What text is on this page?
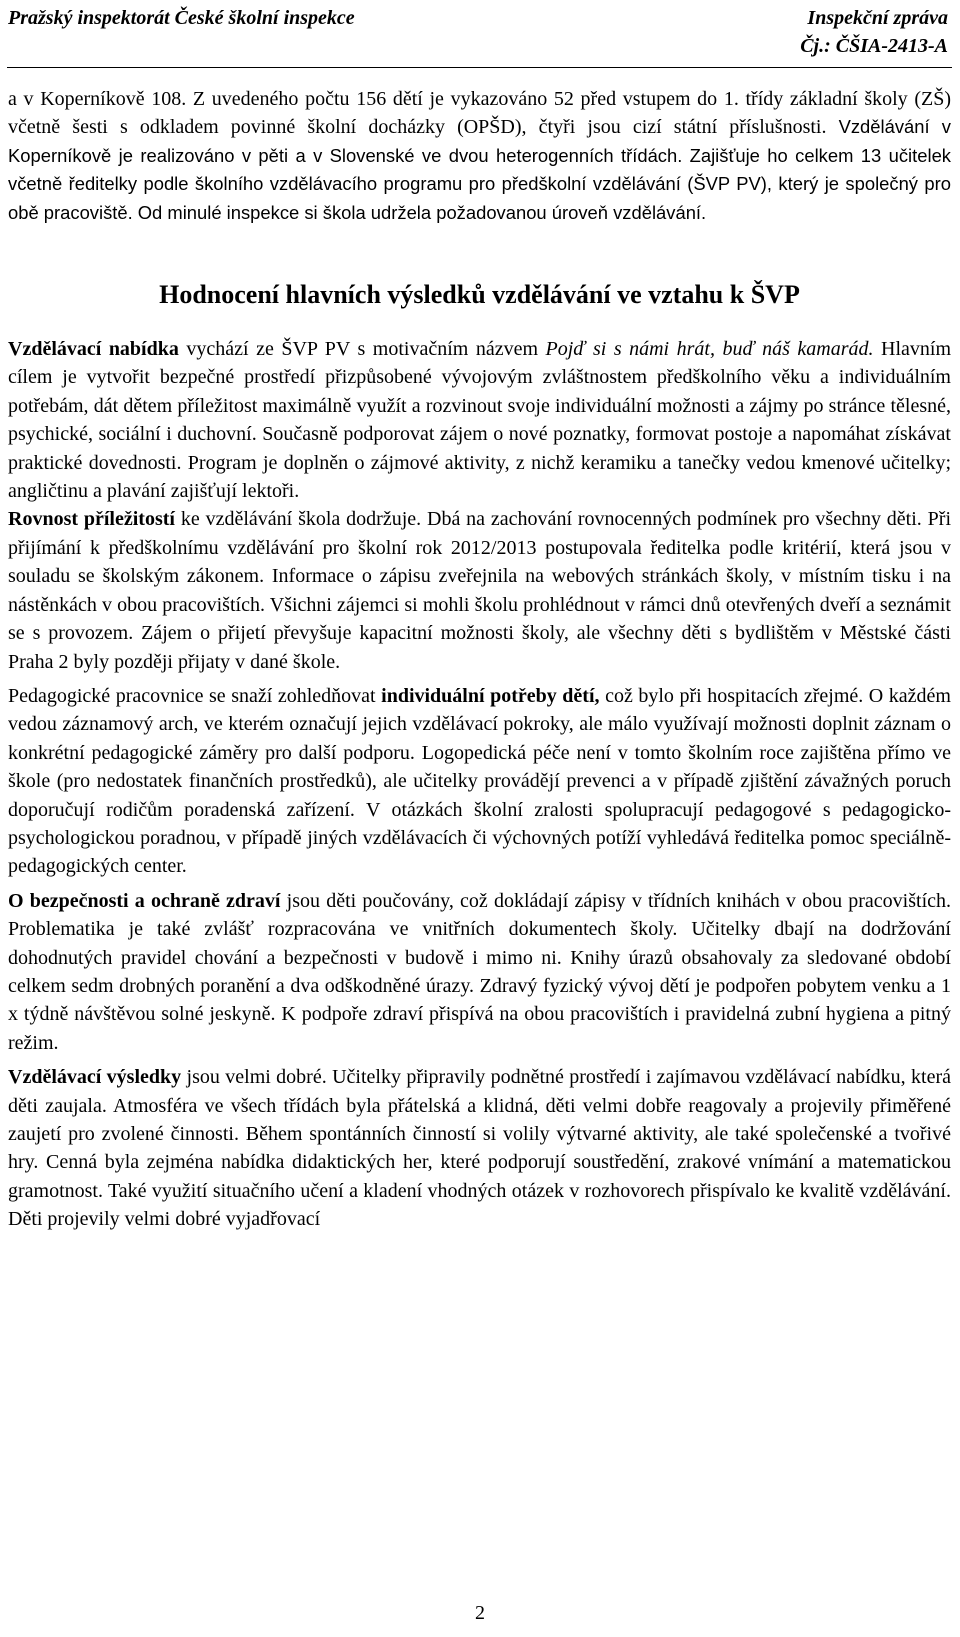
Pražský inspektorát České školní inspekce	Inspekční zpráva
Čj.: ČŠIA-2413-A

a v Koperníkově 108. Z uvedeného počtu 156 dětí je vykazováno 52 před vstupem do 1. třídy základní školy (ZŠ) včetně šesti s odkladem povinné školní docházky (OPŠD), čtyři jsou cizí státní příslušnosti. Vzdělávání v Koperníkově je realizováno v pěti a v Slovenské ve dvou heterogenních třídách. Zajišťuje ho celkem 13 učitelek včetně ředitelky podle školního vzdělávacího programu pro předškolní vzdělávání (ŠVP PV), který je společný pro obě pracoviště. Od minulé inspekce si škola udržela požadovanou úroveň vzdělávání.

Hodnocení hlavních výsledků vzdělávání ve vztahu k ŠVP

Vzdělávací nabídka vychází ze ŠVP PV s motivačním názvem Pojď si s námi hrát, buď náš kamarád. Hlavním cílem je vytvořit bezpečné prostředí přizpůsobené vývojovým zvláštnostem předškolního věku a individuálním potřebám, dát dětem příležitost maximálně využít a rozvinout svoje individuální možnosti a zájmy po stránce tělesné, psychické, sociální i duchovní. Současně podporovat zájem o nové poznatky, formovat postoje a napomáhat získávat praktické dovednosti. Program je doplněn o zájmové aktivity, z nichž keramiku a tanečky vedou kmenové učitelky; angličtinu a plavání zajišťují lektoři.

Rovnost příležitostí ke vzdělávání škola dodržuje. Dbá na zachování rovnocenných podmínek pro všechny děti. Při přijímání k předškolnímu vzdělávání pro školní rok 2012/2013 postupovala ředitelka podle kritérií, která jsou v souladu se školským zákonem. Informace o zápisu zveřejnila na webových stránkách školy, v místním tisku i na nástěnkách v obou pracovištích. Všichni zájemci si mohli školu prohlédnout v rámci dnů otevřených dveří a seznámit se s provozem. Zájem o přijetí převyšuje kapacitní možnosti školy, ale všechny děti s bydlištěm v Městské části Praha 2 byly později přijaty v dané škole.

Pedagogické pracovnice se snaží zohledňovat individuální potřeby dětí, což bylo při hospitacích zřejmé. O každém vedou záznamový arch, ve kterém označují jejich vzdělávací pokroky, ale málo využívají možnosti doplnit záznam o konkrétní pedagogické záměry pro další podporu. Logopedická péče není v tomto školním roce zajištěna přímo ve škole (pro nedostatek finančních prostředků), ale učitelky provádějí prevenci a v případě zjištění závažných poruch doporučují rodičům poradenská zařízení. V otázkách školní zralosti spolupracují pedagogové s pedagogicko-psychologickou poradnou, v případě jiných vzdělávacích či výchovných potíží vyhledává ředitelka pomoc speciálně-pedagogických center.

O bezpečnosti a ochraně zdraví jsou děti poučovány, což dokládají zápisy v třídních knihách v obou pracovištích. Problematika je také zvlášť rozpracována ve vnitřních dokumentech školy. Učitelky dbají na dodržování dohodnutých pravidel chování a bezpečnosti v budově i mimo ni. Knihy úrazů obsahovaly za sledované období celkem sedm drobných poranění a dva odškodněné úrazy. Zdravý fyzický vývoj dětí je podpořen pobytem venku a 1 x týdně návštěvou solné jeskyně. K podpoře zdraví přispívá na obou pracovištích i pravidelná zubní hygiena a pitný režim.

Vzdělávací výsledky jsou velmi dobré. Učitelky připravily podnětné prostředí i zajímavou vzdělávací nabídku, která děti zaujala. Atmosféra ve všech třídách byla přátelská a klidná, děti velmi dobře reagovaly a projevily přiměřené zaujetí pro zvolené činnosti. Během spontánních činností si volily výtvarné aktivity, ale také společenské a tvořivé hry. Cenná byla zejména nabídka didaktických her, které podporují soustředění, zrakové vnímání a matematickou gramotnost. Také využití situačního učení a kladení vhodných otázek v rozhovorech přispívalo ke kvalitě vzdělávání. Děti projevily velmi dobré vyjadřovací

2
